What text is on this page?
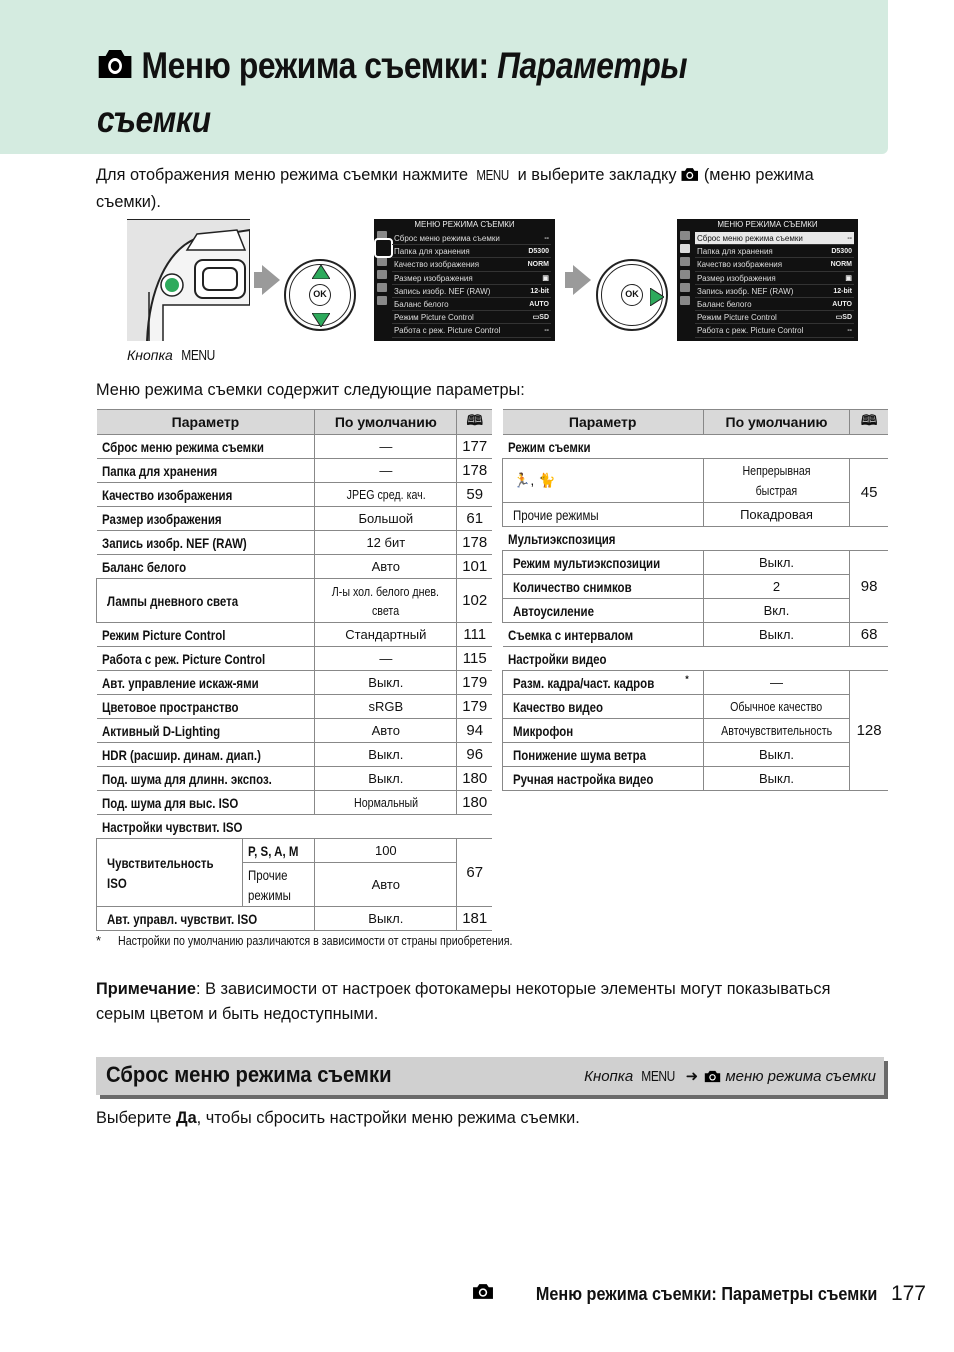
Меню режима съемки: Параметры
съемки

Для отображения меню режима съемки нажмите MENU и выберите закладку  (меню режима съемки).

OK
МЕНЮ РЕЖИМА СЪЕМКИ
Сброс меню режима съемки	--
Папка для хранения	D5300
Качество изображения	NORM
Размер изображения	▣
Запись изобр. NEF (RAW)	12-bit
Баланс белого	AUTO
Режим Picture Control	▭SD
Работа с реж. Picture Control	--
OK
МЕНЮ РЕЖИМА СЪЕМКИ
Сброс меню режима съемки	--
Папка для хранения	D5300
Качество изображения	NORM
Размер изображения	▣
Запись изобр. NEF (RAW)	12-bit
Баланс белого	AUTO
Режим Picture Control	▭SD
Работа с реж. Picture Control	--
Кнопка MENU

Меню режима съемки содержит следующие параметры:

Параметр		По умолчанию	🕮
Сброс меню режима съемки		—	177
Папка для хранения		—	178
Качество изображения		JPEG сред. кач.	59
Размер изображения		Большой	61
Запись изобр. NEF (RAW)		12 бит	178
Баланс белого		Авто	101
Лампы дневного света		Л-ы хол. белого днев.
света	102
Режим Picture Control		Стандартный	111
Работа с реж. Picture Control		—	115
Авт. управление искаж-ями		Выкл.	179
Цветовое пространство		sRGB	179
Активный D-Lighting		Авто	94
HDR (расшир. динам. диап.)		Выкл.	96
Под. шума для длинн. экспоз.		Выкл.	180
Под. шума для выс. ISO		Нормальный	180
Настройки чувствит. ISO			
Чувствительность
ISO	P, S, A, M	100	67
	Прочие
режимы	Авто	
Авт. управл. чувствит. ISO		Выкл.	181
Параметр	По умолчанию	🕮
Режим съемки		
🏃, 🐈	Непрерывная
быстрая	45
Прочие режимы	Покадровая	
Мультиэкспозиция		
Режим мультиэкспозиции	Выкл.	98
Количество снимков	2	
Автоусиление	Вкл.	
Съемка с интервалом	Выкл.	68
Настройки видео		
Разм. кадра/част. кадров *	—	128
Качество видео	Обычное качество	
Микрофон	Авточувствительность	
Понижение шума ветра	Выкл.	
Ручная настройка видео	Выкл.	

* Настройки по умолчанию различаются в зависимости от страны приобретения.

Примечание: В зависимости от настроек фотокамеры некоторые элементы могут показываться серым цветом и быть недоступными.

Сброс меню режима съемки	Кнопка MENU ➜ меню режима съемки

Выберите Да, чтобы сбросить настройки меню режима съемки.

Меню режима съемки: Параметры съемки 177
